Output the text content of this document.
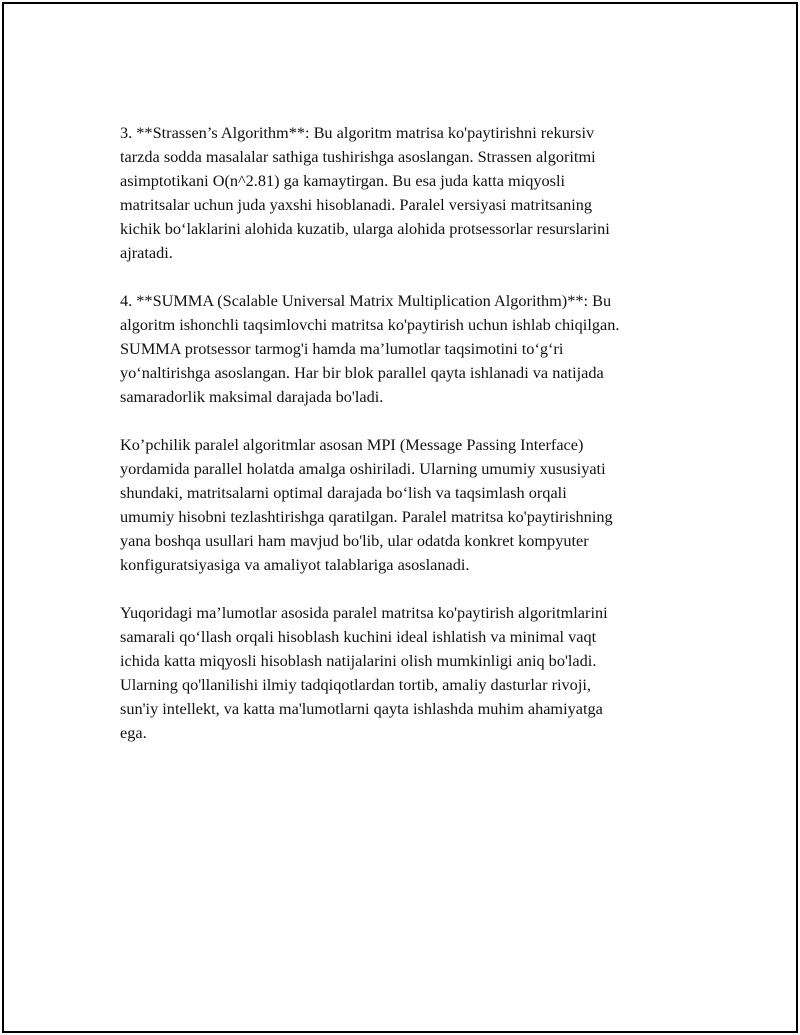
3. **Strassen’s Algorithm**: Bu algoritm matrisa ko'paytirishni rekursiv
tarzda sodda masalalar sathiga tushirishga asoslangan. Strassen algoritmi
asimptotikani O(n^2.81) ga kamaytirgan. Bu esa juda katta miqyosli
matritsalar uchun juda yaxshi hisoblanadi. Paralel versiyasi matritsaning
kichik bo‘laklarini alohida kuzatib, ularga alohida protsessorlar resurslarini
ajratadi.

4. **SUMMA (Scalable Universal Matrix Multiplication Algorithm)**: Bu
algoritm ishonchli taqsimlovchi matritsa ko'paytirish uchun ishlab chiqilgan.
SUMMA protsessor tarmog'i hamda ma’lumotlar taqsimotini to‘g‘ri
yo‘naltirishga asoslangan. Har bir blok parallel qayta ishlanadi va natijada
samaradorlik maksimal darajada bo'ladi.

Ko’pchilik paralel algoritmlar asosan MPI (Message Passing Interface)
yordamida parallel holatda amalga oshiriladi. Ularning umumiy xususiyati
shundaki, matritsalarni optimal darajada bo‘lish va taqsimlash orqali
umumiy hisobni tezlashtirishga qaratilgan. Paralel matritsa ko'paytirishning
yana boshqa usullari ham mavjud bo'lib, ular odatda konkret kompyuter
konfiguratsiyasiga va amaliyot talablariga asoslanadi.

Yuqoridagi ma’lumotlar asosida paralel matritsa ko'paytirish algoritmlarini
samarali qo‘llash orqali hisoblash kuchini ideal ishlatish va minimal vaqt
ichida katta miqyosli hisoblash natijalarini olish mumkinligi aniq bo'ladi.
Ularning qo'llanilishi ilmiy tadqiqotlardan tortib, amaliy dasturlar rivoji,
sun'iy intellekt, va katta ma'lumotlarni qayta ishlashda muhim ahamiyatga
ega.
